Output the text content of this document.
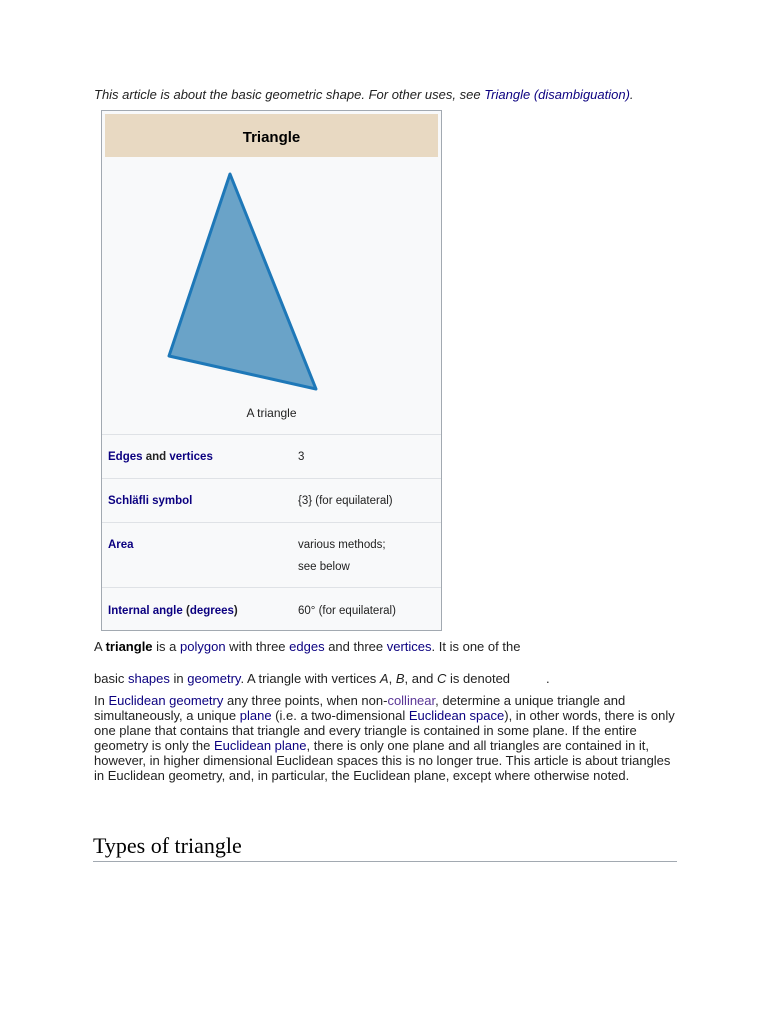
This article is about the basic geometric shape. For other uses, see Triangle (disambiguation).
Triangle
A triangle
Edges and vertices	3
Schläfli symbol	{3} (for equilateral)
Area	various methods;
see below
Internal angle (degrees)	60° (for equilateral)
A triangle is a polygon with three edges and three vertices. It is one of the
basic shapes in geometry. A triangle with vertices A, B, and C is denoted	.
In Euclidean geometry any three points, when non-collinear, determine a unique triangle and simultaneously, a unique plane (i.e. a two-dimensional Euclidean space), in other words, there is only one plane that contains that triangle and every triangle is contained in some plane. If the entire geometry is only the Euclidean plane, there is only one plane and all triangles are contained in it, however, in higher dimensional Euclidean spaces this is no longer true. This article is about triangles in Euclidean geometry, and, in particular, the Euclidean plane, except where otherwise noted.
Types of triangle
